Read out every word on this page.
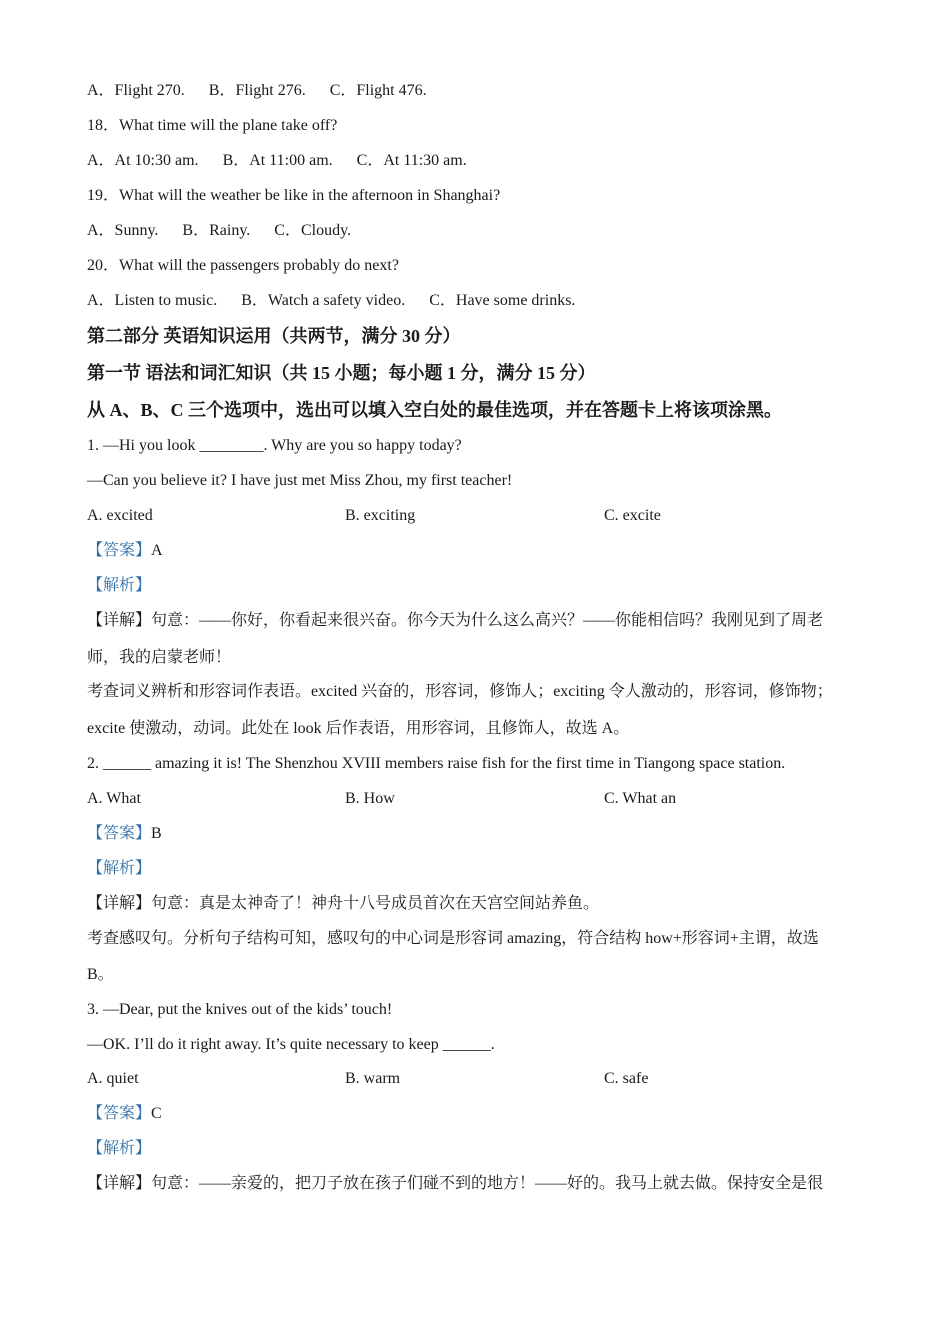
A．Flight 270. B．Flight 276. C．Flight 476.
18．What time will the plane take off?
A．At 10:30 am. B．At 11:00 am. C．At 11:30 am.
19．What will the weather be like in the afternoon in Shanghai?
A．Sunny. B．Rainy. C．Cloudy.
20．What will the passengers probably do next?
A．Listen to music. B．Watch a safety video. C．Have some drinks.
第二部分 英语知识运用（共两节，满分 30 分）
第一节 语法和词汇知识（共 15 小题；每小题 1 分，满分 15 分）
从 A、B、C 三个选项中，选出可以填入空白处的最佳选项，并在答题卡上将该项涂黑。
1. —Hi you look ________. Why are you so happy today?
—Can you believe it? I have just met Miss Zhou, my first teacher!
A. excited	B. exciting	C. excite
【答案】A
【解析】
【详解】句意：——你好，你看起来很兴奋。你今天为什么这么高兴？——你能相信吗？我刚见到了周老
师，我的启蒙老师！
考查词义辨析和形容词作表语。excited 兴奋的，形容词，修饰人；exciting 令人激动的，形容词，修饰物；
excite 使激动，动词。此处在 look 后作表语，用形容词，且修饰人，故选 A。
2. ______ amazing it is! The Shenzhou XVIII members raise fish for the first time in Tiangong space station.
A. What	B. How	C. What an
【答案】B
【解析】
【详解】句意：真是太神奇了！神舟十八号成员首次在天宫空间站养鱼。
考查感叹句。分析句子结构可知，感叹句的中心词是形容词 amazing，符合结构 how+形容词+主谓，故选
B。
3. —Dear, put the knives out of the kids’ touch!
—OK. I’ll do it right away. It’s quite necessary to keep ______.
A. quiet	B. warm	C. safe
【答案】C
【解析】
【详解】句意：——亲爱的，把刀子放在孩子们碰不到的地方！——好的。我马上就去做。保持安全是很
